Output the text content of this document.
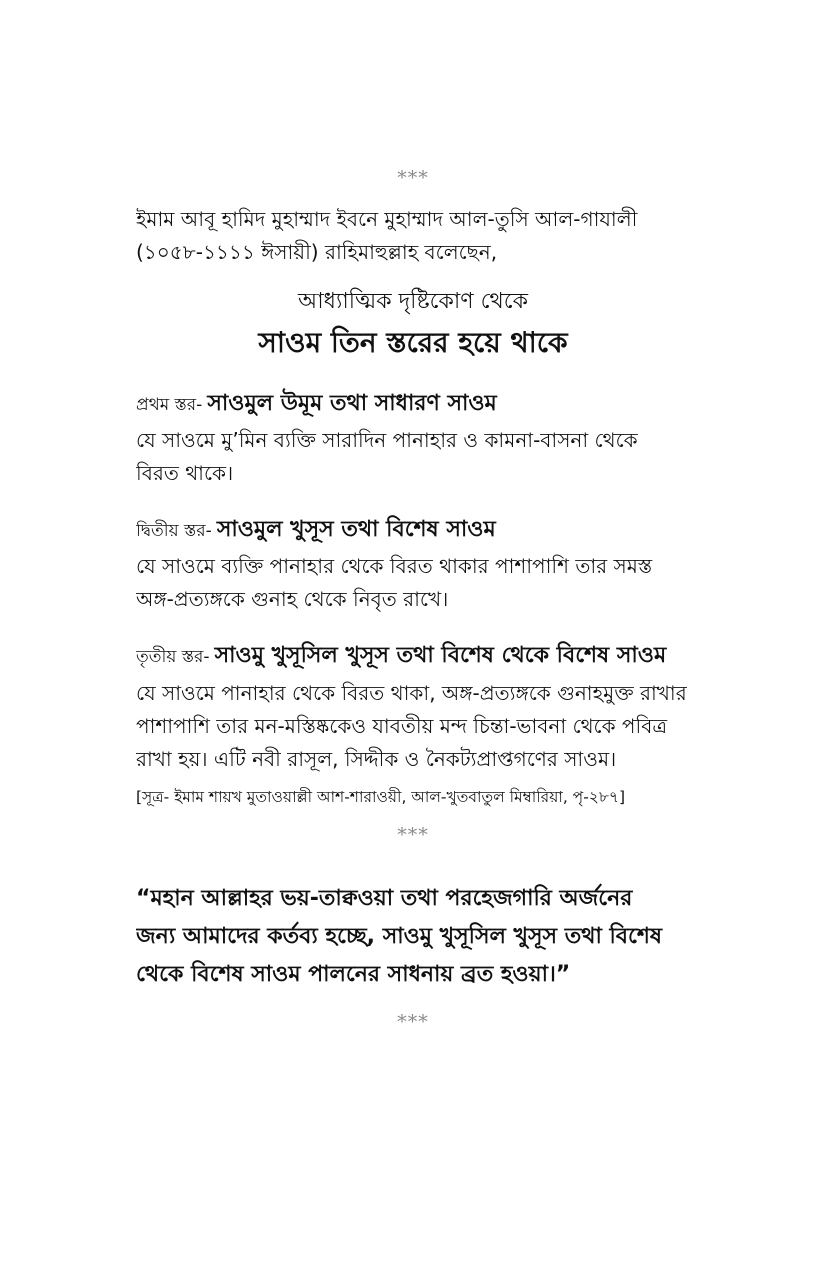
***

ইমাম আবূ হামিদ মুহাম্মাদ ইবনে মুহাম্মাদ আল-তুসি আল-গাযালী
(১০৫৮-১১১১ ঈসায়ী) রাহিমাহুল্লাহ বলেছেন,

আধ্যাত্মিক দৃষ্টিকোণ থেকে
সাওম তিন স্তরের হয়ে থাকে
প্রথম স্তর- সাওমুল উমূম তথা সাধারণ সাওম

যে সাওমে মু’মিন ব্যক্তি সারাদিন পানাহার ও কামনা-বাসনা থেকে
বিরত থাকে।

দ্বিতীয় স্তর- সাওমুল খুসূস তথা বিশেষ সাওম

যে সাওমে ব্যক্তি পানাহার থেকে বিরত থাকার পাশাপাশি তার সমস্ত
অঙ্গ-প্রত্যঙ্গকে গুনাহ থেকে নিবৃত রাখে।

তৃতীয় স্তর- সাওমু খুসূসিল খুসূস তথা বিশেষ থেকে বিশেষ সাওম

যে সাওমে পানাহার থেকে বিরত থাকা, অঙ্গ-প্রত্যঙ্গকে গুনাহমুক্ত রাখার
পাশাপাশি তার মন-মস্তিষ্ককেও যাবতীয় মন্দ চিন্তা-ভাবনা থেকে পবিত্র
রাখা হয়। এটি নবী রাসূল, সিদ্দীক ও নৈকট্যপ্রাপ্তগণের সাওম।

[সূত্র- ইমাম শায়খ মুতাওয়াল্লী আশ-শারাওয়ী, আল-খুতবাতুল মিম্বারিয়া, পৃ-২৮৭]
***
“মহান আল্লাহর ভয়-তাক্বওয়া তথা পরহেজগারি অর্জনের
জন্য আমাদের কর্তব্য হচ্ছে, সাওমু খুসূসিল খুসূস তথা বিশেষ
থেকে বিশেষ সাওম পালনের সাধনায় ব্রত হওয়া।”
***
